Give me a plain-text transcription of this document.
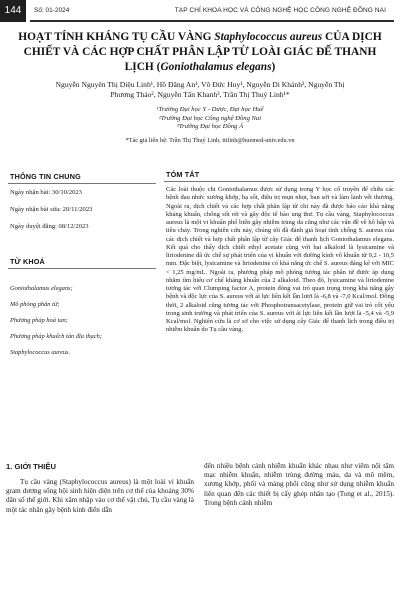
144	Số: 01-2024	TẠP CHÍ KHOA HỌC VÀ CÔNG NGHỆ HỌC CÔNG NGHỆ ĐỒNG NAI
HOẠT TÍNH KHÁNG TỤ CẦU VÀNG Staphylococcus aureus CỦA DỊCH
CHIẾT VÀ CÁC HỢP CHẤT PHÂN LẬP TỪ LOÀI GIÁC ĐẾ THANH
LỊCH (Goniothalamus elegans)
Nguyễn Nguyên Thị Diệu Linh¹, Hồ Đăng An¹, Võ Đức Huy¹, Nguyễn Di Khánh², Nguyễn Thị
Phương Thảo², Nguyễn Tấn Khanh³, Trần Thị Thuý Linh¹*
¹Trường Đại học Y - Dược, Đại học Huế
²Trường Đại học Công nghệ Đồng Nai
³Trường Đại học Đồng Á
*Tác giả liên hệ: Trần Thị Thuý Linh, tttlinh@huemed-univ.edu.vn
THÔNG TIN CHUNG
Ngày nhận bài: 30/10/2023
Ngày nhận bài sửa: 20/11/2023
Ngày duyệt đăng: 08/12/2023
TỪ KHOÁ
Goniothalamus elegans;
Mô phỏng phân tử;
Phương pháp hoá tan;
Phương pháp khuếch tán đĩa thạch;
Staphylococcus aureus.
TÓM TẮT
Các loài thuộc chi Goniothalamus được sử dụng trong Y học cổ truyền để chữa các bệnh đau nhức xương khớp, hạ sốt, điều trị mụn nhọt, ban sởi và làm lành vết thương. Ngoài ra, dịch chiết và các hợp chất phân lập từ chi này đã được báo cáo khả năng kháng khuẩn, chống sốt rét và gây độc tế bào ung thư. Tụ cầu vàng, Staphylococcus aureus là một vi khuẩn phổ biến gây nhiễm trùng da cũng như các vấn đề về hô hấp và tiêu chảy. Trong nghiên cứu này, chúng tôi đã đánh giá hoạt tính chống S. aureus của các dịch chiết và hợp chất phân lập từ cây Giác đế thanh lịch Goniothalamus elegans. Kết quả cho thấy dịch chiết ethyl acetate cùng với hai alkaloid là lysicamine và liriodenine đã ức chế sự phát triển của vi khuẩn với đường kính vô khuẩn từ 9,2 - 10,5 mm. Đặc biệt, lysicamine và liriodenine có khả năng ức chế S. aureus đáng kể với MIC < 1,25 mg/mL. Ngoài ra, phương pháp mô phỏng tương tác phân tử được áp dụng nhằm tìm hiểu cơ chế kháng khuẩn của 2 alkaloid. Theo đó, lysicamine và liriodenine tương tác với Clumping factor A, protein đóng vai trò quan trọng trong khả năng gây bệnh và độc lực của S. aureus với ái lực liên kết lần lượt là -6,8 và -7,0 Kcal/mol. Đồng thời, 2 alkaloid cũng tương tác với Phosphotransacetylase, protein giữ vai trò cốt yếu trong sinh trưởng và phát triển của S. aureus với ái lực liên kết lần lượt là -5,4 và -5,9 Kcal/mol. Nghiên cứu là cơ sở cho việc sử dụng cây Giác đế thanh lịch trong điều trị nhiễm khuẩn do Tụ cầu vàng.
1. GIỚI THIỆU
Tụ cầu vàng (Staphylococcus aureus) là một loài vi khuẩn gram dương sống hội sinh hiện diện trên cơ thể của khoảng 30% dân số thế giới. Khi xâm nhập vào cơ thể vật chủ, Tụ cầu vàng là một tác nhân gây bệnh kinh điển dẫn
đến nhiều bệnh cảnh nhiễm khuẩn khác nhau như viêm nội tâm mạc nhiễm khuẩn, nhiễm trùng đường máu, da và mô mềm, xương khớp, phổi và màng phổi cũng như sử dụng nhiễm khuẩn liên quan đến các thiết bị cấy ghép nhân tạo (Tong et al., 2015). Trong bệnh cảnh nhiễm
